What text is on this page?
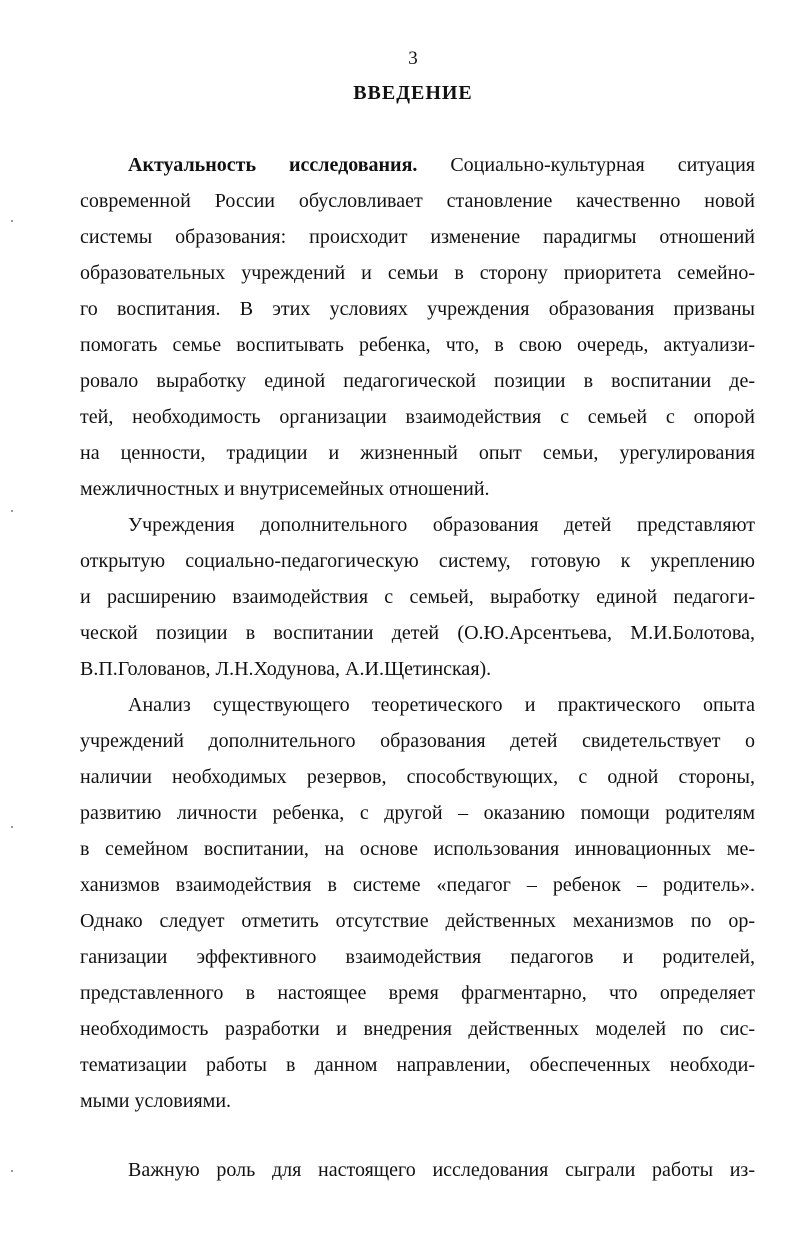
3
ВВЕДЕНИЕ
Актуальность исследования. Социально-культурная ситуация
современной России обусловливает становление качественно новой
системы образования: происходит изменение парадигмы отношений
образовательных учреждений и семьи в сторону приоритета семейно-
го воспитания. В этих условиях учреждения образования призваны
помогать семье воспитывать ребенка, что, в свою очередь, актуализи-
ровало выработку единой педагогической позиции в воспитании де-
тей, необходимость организации взаимодействия с семьей с опорой
на ценности, традиции и жизненный опыт семьи, урегулирования
межличностных и внутрисемейных отношений.
Учреждения дополнительного образования детей представляют
открытую социально-педагогическую систему, готовую к укреплению
и расширению взаимодействия с семьей, выработку единой педагоги-
ческой позиции в воспитании детей (О.Ю.Арсентьева, М.И.Болотова,
В.П.Голованов, Л.Н.Ходунова, А.И.Щетинская).
Анализ существующего теоретического и практического опыта
учреждений дополнительного образования детей свидетельствует о
наличии необходимых резервов, способствующих, с одной стороны,
развитию личности ребенка, с другой – оказанию помощи родителям
в семейном воспитании, на основе использования инновационных ме-
ханизмов взаимодействия в системе «педагог – ребенок – родитель».
Однако следует отметить отсутствие действенных механизмов по ор-
ганизации эффективного взаимодействия педагогов и родителей,
представленного в настоящее время фрагментарно, что определяет
необходимость разработки и внедрения действенных моделей по сис-
тематизации работы в данном направлении, обеспеченных необходи-
мыми условиями.
Важную роль для настоящего исследования сыграли работы из-
